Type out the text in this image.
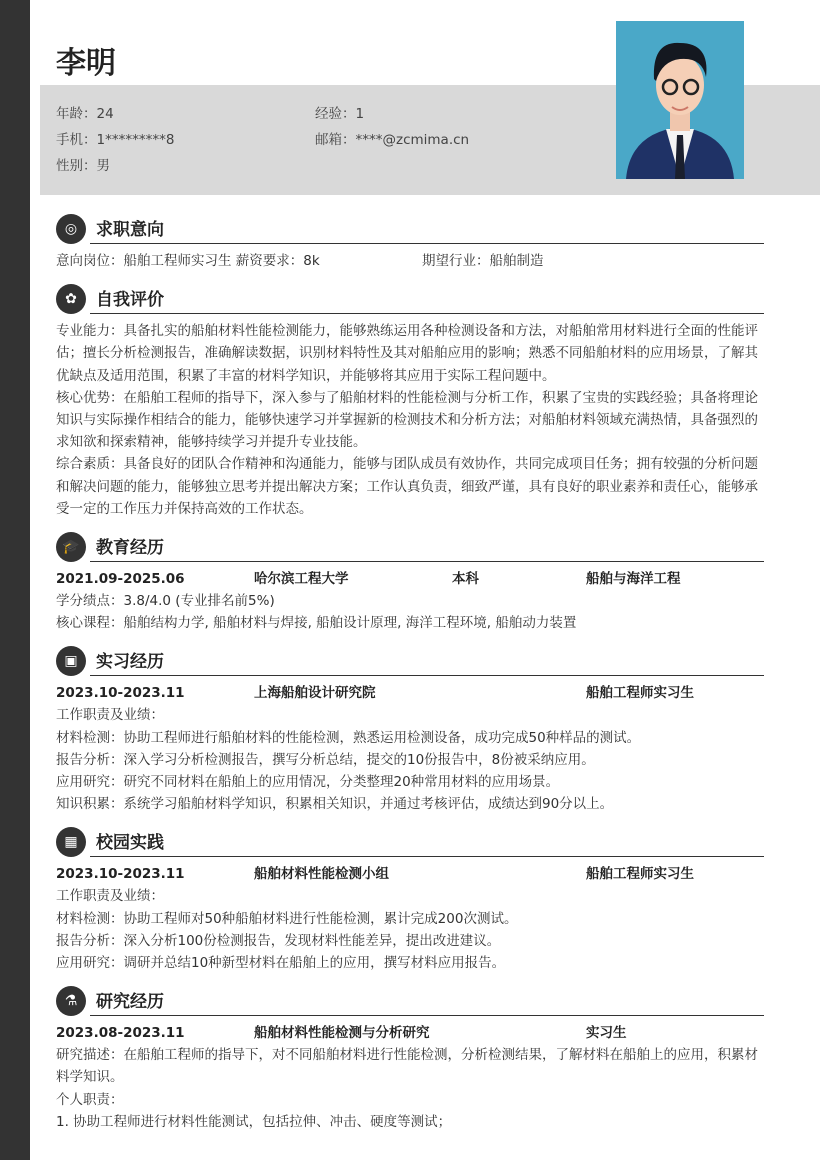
李明
年龄：24	经验：1
手机：1*********8	邮箱：****@zcmima.cn
性别：男
◎	求职意向
意向岗位：船舶工程师实习生 薪资要求：8k	期望行业：船舶制造
✿	自我评价
专业能力：具备扎实的船舶材料性能检测能力，能够熟练运用各种检测设备和方法，对船舶常用材料进行全面的性能评估；擅长分析检测报告，准确解读数据，识别材料特性及其对船舶应用的影响；熟悉不同船舶材料的应用场景，了解其优缺点及适用范围，积累了丰富的材料学知识，并能够将其应用于实际工程问题中。
核心优势：在船舶工程师的指导下，深入参与了船舶材料的性能检测与分析工作，积累了宝贵的实践经验；具备将理论知识与实际操作相结合的能力，能够快速学习并掌握新的检测技术和分析方法；对船舶材料领域充满热情，具备强烈的求知欲和探索精神，能够持续学习并提升专业技能。
综合素质：具备良好的团队合作精神和沟通能力，能够与团队成员有效协作，共同完成项目任务；拥有较强的分析问题和解决问题的能力，能够独立思考并提出解决方案；工作认真负责，细致严谨，具有良好的职业素养和责任心，能够承受一定的工作压力并保持高效的工作状态。
🎓 教育经历
2021.09-2025.06	哈尔滨工程大学	本科	船舶与海洋工程
学分绩点：3.8/4.0 (专业排名前5%)
核心课程：船舶结构力学, 船舶材料与焊接, 船舶设计原理, 海洋工程环境, 船舶动力装置
▣	实习经历
2023.10-2023.11	上海船舶设计研究院	船舶工程师实习生
工作职责及业绩：
材料检测：协助工程师进行船舶材料的性能检测，熟悉运用检测设备，成功完成50种样品的测试。
报告分析：深入学习分析检测报告，撰写分析总结，提交的10份报告中，8份被采纳应用。
应用研究：研究不同材料在船舶上的应用情况，分类整理20种常用材料的应用场景。
知识积累：系统学习船舶材料学知识，积累相关知识，并通过考核评估，成绩达到90分以上。
▦	校园实践
2023.10-2023.11	船舶材料性能检测小组	船舶工程师实习生
工作职责及业绩：
材料检测：协助工程师对50种船舶材料进行性能检测，累计完成200次测试。
报告分析：深入分析100份检测报告，发现材料性能差异，提出改进建议。
应用研究：调研并总结10种新型材料在船舶上的应用，撰写材料应用报告。
⚗	研究经历
2023.08-2023.11	船舶材料性能检测与分析研究	实习生
研究描述：在船舶工程师的指导下，对不同船舶材料进行性能检测，分析检测结果，了解材料在船舶上的应用，积累材料学知识。
个人职责：
1. 协助工程师进行材料性能测试，包括拉伸、冲击、硬度等测试；
